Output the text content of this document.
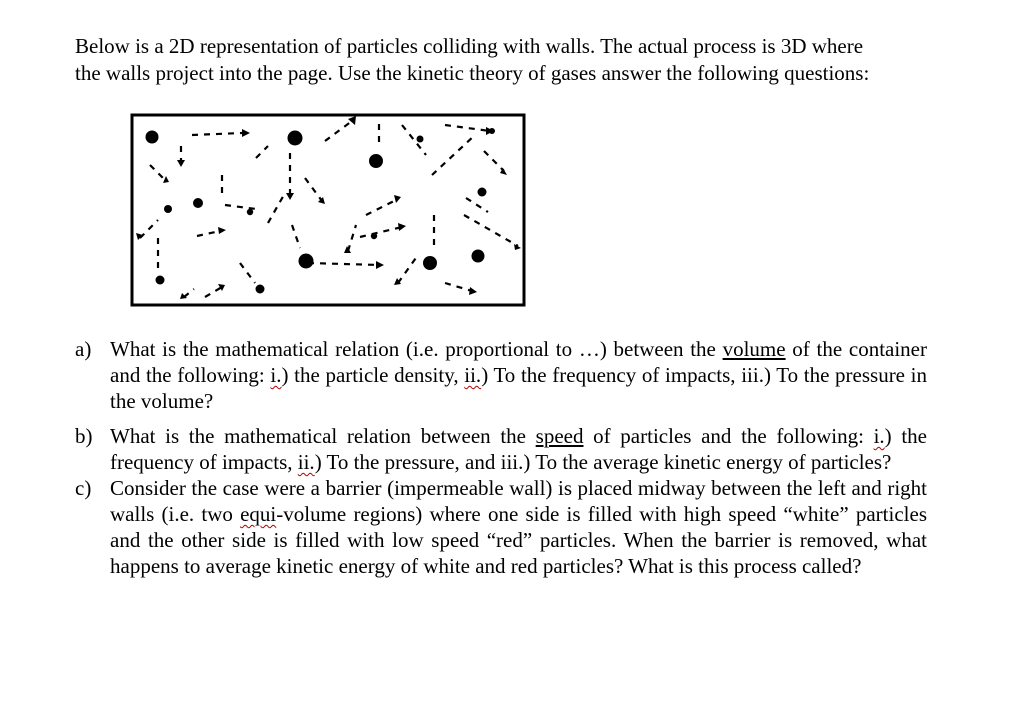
Below is a 2D representation of particles colliding with walls. The actual process is 3D where
the walls project into the page. Use the kinetic theory of gases answer the following questions:

a) What is the mathematical relation (i.e. proportional to …) between the volume of the container and the following: i.) the particle density, ii.) To the frequency of impacts, iii.) To the pressure in the volume?
b) What is the mathematical relation between the speed of particles and the following: i.) the frequency of impacts, ii.) To the pressure, and iii.) To the average kinetic energy of particles?
c) Consider the case were a barrier (impermeable wall) is placed midway between the left and right walls (i.e. two equi-volume regions) where one side is filled with high speed “white” particles and the other side is filled with low speed “red” particles. When the barrier is removed, what happens to average kinetic energy of white and red particles? What is this process called?
